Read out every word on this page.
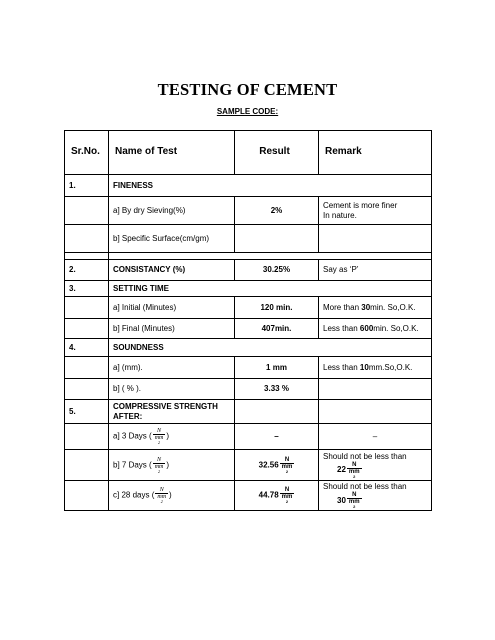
TESTING OF CEMENT
SAMPLE CODE:
Sr.No.	Name of Test	Result	Remark
1.	FINENESS		
	a] By dry Sieving(%)	2%	Cement is more finer
In nature.
	b] Specific Surface(cm/gm)		

2.	CONSISTANCY (%)	30.25%	Say as ‘P’
3.	SETTING TIME		
	a] Initial (Minutes)	120 min.	More than 30min. So,O.K.
	b] Final (Minutes)	407min.	Less than 600min. So,O.K.
4.	SOUNDNESS		
	a] (mm).	1 mm	Less than 10mm.So,O.K.
	b] ( % ).	3.33 %	
5.	COMPRESSIVE STRENGTH
AFTER:		
	a] 3 Days ( N
mm
2 )	–	–
	b] 7 Days ( N
mm
2 )	32.56 N
mm
2	Should not be less than
22 N
mm
2

	c] 28 days ( N
mm
2 )	44.78 N
mm
2	Should not be less than
30 N
mm
2
